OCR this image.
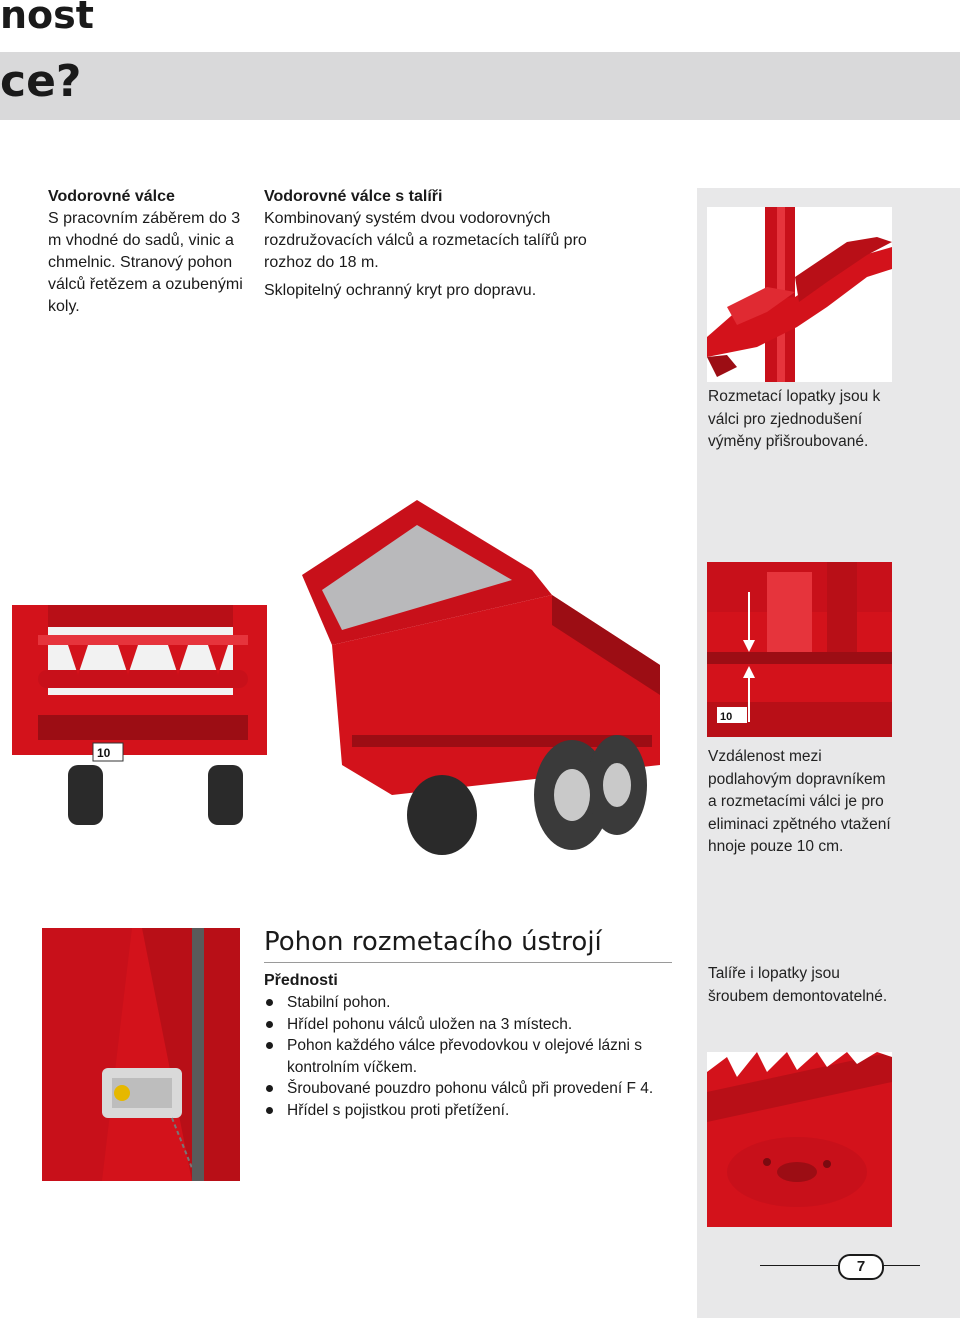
nost
ce?
Vodorovné válce
S pracovním záběrem do 3 m vhodné do sadů, vinic a chmelnic. Stranový pohon válců řetězem a ozubenými koly.
Vodorovné válce s talíři
Kombinovaný systém dvou vodorovných rozdružovacích válců a rozmetacích talířů pro rozhoz do 18 m.
Sklopitelný ochranný kryt pro dopravu.
Rozmetací lopatky jsou k válci pro zjednodušení výměny přišroubované.
10
10
Vzdálenost mezi podlahovým dopravníkem a rozmetacími válci je pro eliminaci zpětného vtažení hnoje pouze 10 cm.
Pohon rozmetacího ústrojí
Přednosti
Stabilní pohon.
Hřídel pohonu válců uložen na 3 místech.
Pohon každého válce převodovkou v olejové lázni s kontrolním víčkem.
Šroubované pouzdro pohonu válců při provedení F 4.
Hřídel s pojistkou proti přetížení.
Talíře i lopatky jsou šroubem demontovatelné.
7
